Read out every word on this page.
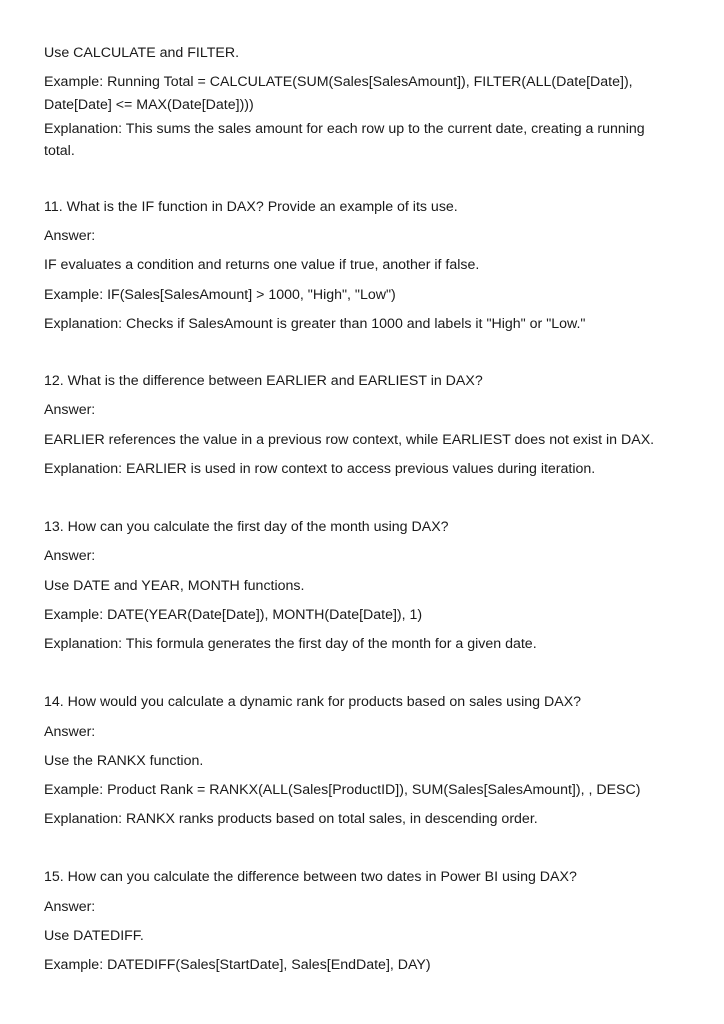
Use CALCULATE and FILTER.
Example: Running Total = CALCULATE(SUM(Sales[SalesAmount]), FILTER(ALL(Date[Date]),
Date[Date] <= MAX(Date[Date])))
Explanation: This sums the sales amount for each row up to the current date, creating a running
total.
11. What is the IF function in DAX? Provide an example of its use.
Answer:
IF evaluates a condition and returns one value if true, another if false.
Example: IF(Sales[SalesAmount] > 1000, "High", "Low")
Explanation: Checks if SalesAmount is greater than 1000 and labels it "High" or "Low."
12. What is the difference between EARLIER and EARLIEST in DAX?
Answer:
EARLIER references the value in a previous row context, while EARLIEST does not exist in DAX.
Explanation: EARLIER is used in row context to access previous values during iteration.
13. How can you calculate the first day of the month using DAX?
Answer:
Use DATE and YEAR, MONTH functions.
Example: DATE(YEAR(Date[Date]), MONTH(Date[Date]), 1)
Explanation: This formula generates the first day of the month for a given date.
14. How would you calculate a dynamic rank for products based on sales using DAX?
Answer:
Use the RANKX function.
Example: Product Rank = RANKX(ALL(Sales[ProductID]), SUM(Sales[SalesAmount]), , DESC)
Explanation: RANKX ranks products based on total sales, in descending order.
15. How can you calculate the difference between two dates in Power BI using DAX?
Answer:
Use DATEDIFF.
Example: DATEDIFF(Sales[StartDate], Sales[EndDate], DAY)
